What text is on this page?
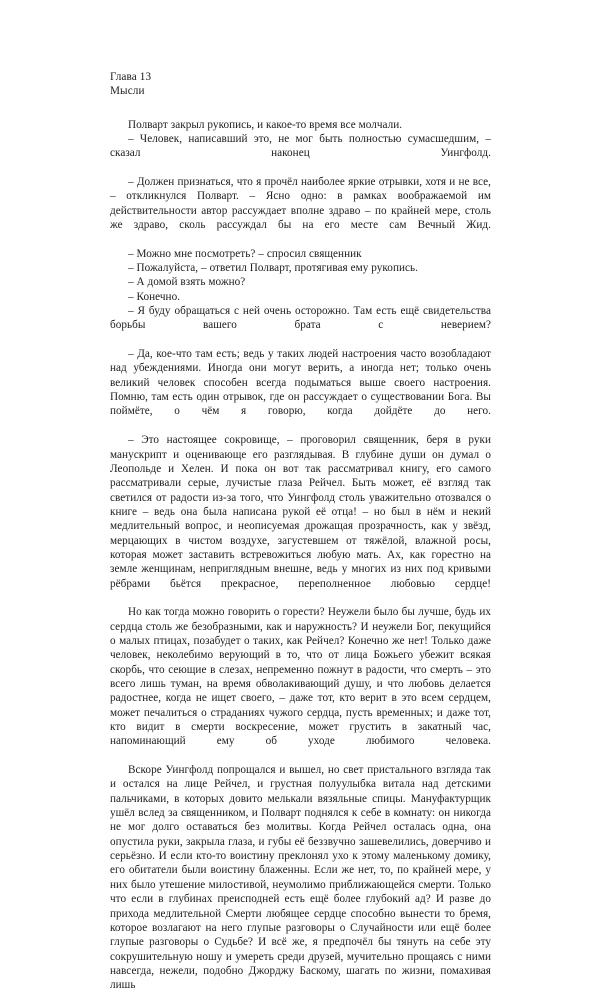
Глава 13
Мысли

Полварт закрыл рукопись, и какое-то время все молчали.

– Человек, написавший это, не мог быть полностью сумасшедшим, – сказал наконец Уингфолд.

– Должен признаться, что я прочёл наиболее яркие отрывки, хотя и не все, – откликнулся Полварт. – Ясно одно: в рамках воображаемой им действительности автор рассуждает вполне здраво – по крайней мере, столь же здраво, сколь рассуждал бы на его месте сам Вечный Жид.

– Можно мне посмотреть? – спросил священник

– Пожалуйста, – ответил Полварт, протягивая ему рукопись.

– А домой взять можно?

– Конечно.

– Я буду обращаться с ней очень осторожно. Там есть ещё свидетельства борьбы вашего брата с неверием?

– Да, кое-что там есть; ведь у таких людей настроения часто возобладают над убеждениями. Иногда они могут верить, а иногда нет; только очень великий человек способен всегда подыматься выше своего настроения. Помню, там есть один отрывок, где он рассуждает о существовании Бога. Вы поймёте, о чём я говорю, когда дойдёте до него.

– Это настоящее сокровище, – проговорил священник, беря в руки манускрипт и оценивающе его разглядывая. В глубине души он думал о Леопольде и Хелен. И пока он вот так рассматривал книгу, его самого рассматривали серые, лучистые глаза Рейчел. Быть может, её взгляд так светился от радости из-за того, что Уингфолд столь уважительно отозвался о книге – ведь она была написана рукой её отца! – но был в нём и некий медлительный вопрос, и неописуемая дрожащая прозрачность, как у звёзд, мерцающих в чистом воздухе, загустевшем от тяжёлой, влажной росы, которая может заставить встревожиться любую мать. Ах, как горестно на земле женщинам, неприглядным внешне, ведь у многих из них под кривыми рёбрами бьётся прекрасное, переполненное любовью сердце!

Но как тогда можно говорить о горести? Неужели было бы лучше, будь их сердца столь же безобразными, как и наружность? И неужели Бог, пекущийся о малых птицах, позабудет о таких, как Рейчел? Конечно же нет! Только даже человек, неколебимо верующий в то, что от лица Божьего убежит всякая скорбь, что сеющие в слезах, непременно пожнут в радости, что смерть – это всего лишь туман, на время обволакивающий душу, и что любовь делается радостнее, когда не ищет своего, – даже тот, кто верит в это всем сердцем, может печалиться о страданиях чужого сердца, пусть временных; и даже тот, кто видит в смерти воскресение, может грустить в закатный час, напоминающий ему об уходе любимого человека.

Вскоре Уингфолд попрощался и вышел, но свет пристального взгляда так и остался на лице Рейчел, и грустная полуулыбка витала над детскими пальчиками, в которых довито мелькали вязяльные спицы. Мануфактурщик ушёл вслед за священником, и Полварт поднялся к себе в комнату: он никогда не мог долго оставаться без молитвы. Когда Рейчел осталась одна, она опустила руки, закрыла глаза, и губы её беззвучно зашевелились, доверчиво и серьёзно. И если кто-то воистину преклонял ухо к этому маленькому домику, его обитатели были воистину блаженны. Если же нет, то, по крайней мере, у них было утешение милостивой, неумолимо приближающейся смерти. Только что если в глубинах преисподней есть ещё более глубокий ад? И разве до прихода медлительной Смерти любящее сердце способно вынести то бремя, которое возлагают на него глупые разговоры о Случайности или ещё более глупые разговоры о Судьбе? И всё же, я предпочёл бы тянуть на себе эту сокрушительную ношу и умереть среди друзей, мучительно прощаясь с ними навсегда, нежели, подобно Джорджу Баскому, шагать по жизни, помахивая лишь
